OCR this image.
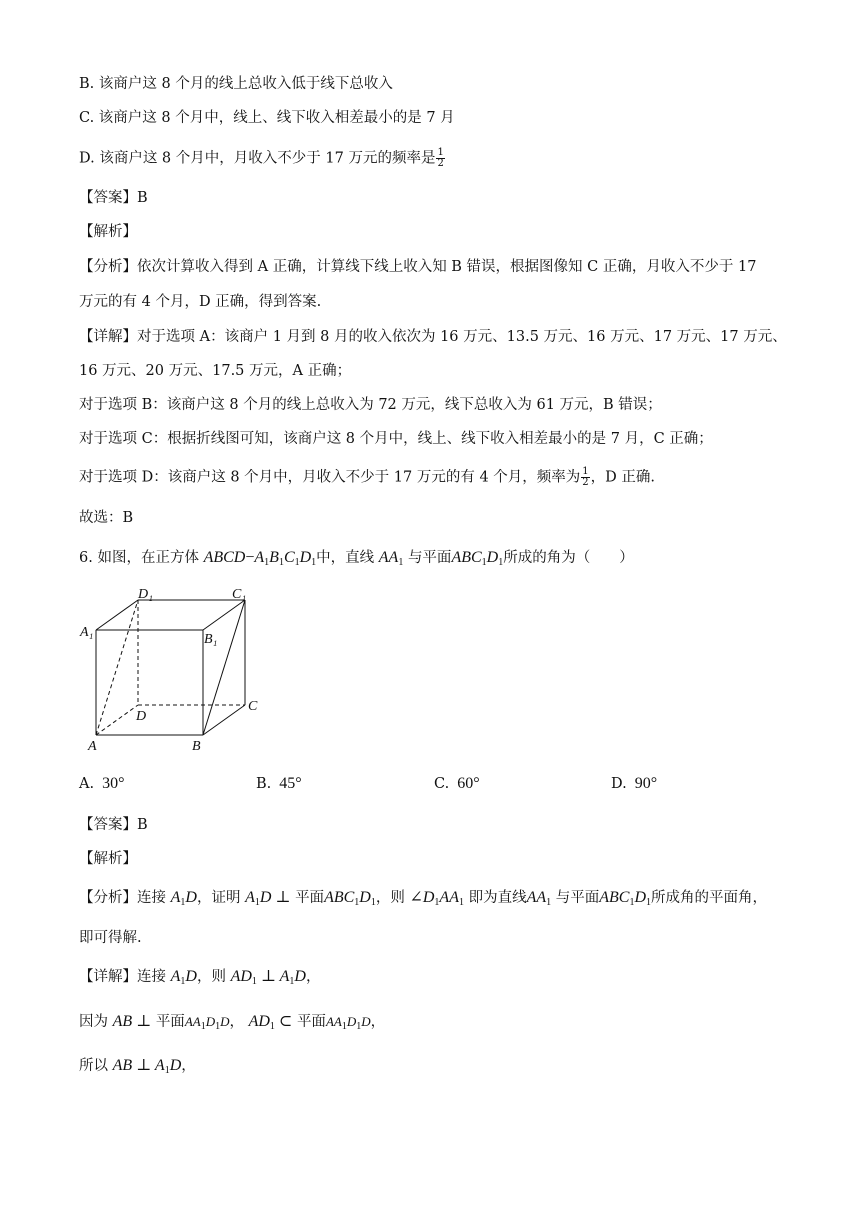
B. 该商户这 8 个月的线上总收入低于线下总收入
C. 该商户这 8 个月中，线上、线下收入相差最小的是 7 月
D. 该商户这 8 个月中，月收入不少于 17 万元的频率是 $\frac{1}{2}$
【答案】B
【解析】
【分析】依次计算收入得到 A 正确，计算线下线上收入知 B 错误，根据图像知 C 正确，月收入不少于 17
万元的有 4 个月，D 正确，得到答案.
【详解】对于选项 A：该商户 1 月到 8 月的收入依次为 16 万元、13.5 万元、16 万元、17 万元、17 万元、
16 万元、20 万元、17.5 万元，A 正确；
对于选项 B：该商户这 8 个月的线上总收入为 72 万元，线下总收入为 61 万元，B 错误；
对于选项 C：根据折线图可知，该商户这 8 个月中，线上、线下收入相差最小的是 7 月，C 正确；
对于选项 D：该商户这 8 个月中，月收入不少于 17 万元的有 4 个月，频率为 $\frac{1}{2}$ ，D 正确.
故选：B
6. 如图，在正方体 $ABCD-A_1B_1C_1D_1$中，直线 $AA_1$ 与平面$ABC_1D_1$所成的角为（　　）
A	B
C
D
A₁	B₁
C₁
D₁
A. 30°	B. 45°	C. 60°	D. 90°
【答案】B
【解析】
【分析】连接 $A_1D$，证明 $A_1D$ ⊥ 平面$ABC_1D_1$，则 $\angle D_1AA_1$ 即为直线$AA_1$ 与平面$ABC_1D_1$所成角的平面角，
即可得解.
【详解】连接 $A_1D$，则 $AD_1$ ⊥ $A_1D$，
因为 AB ⊥ 平面$AA_1D_1D$， $AD_1$ ⊂ 平面$AA_1D_1D$，
所以 AB ⊥ $A_1D$，
